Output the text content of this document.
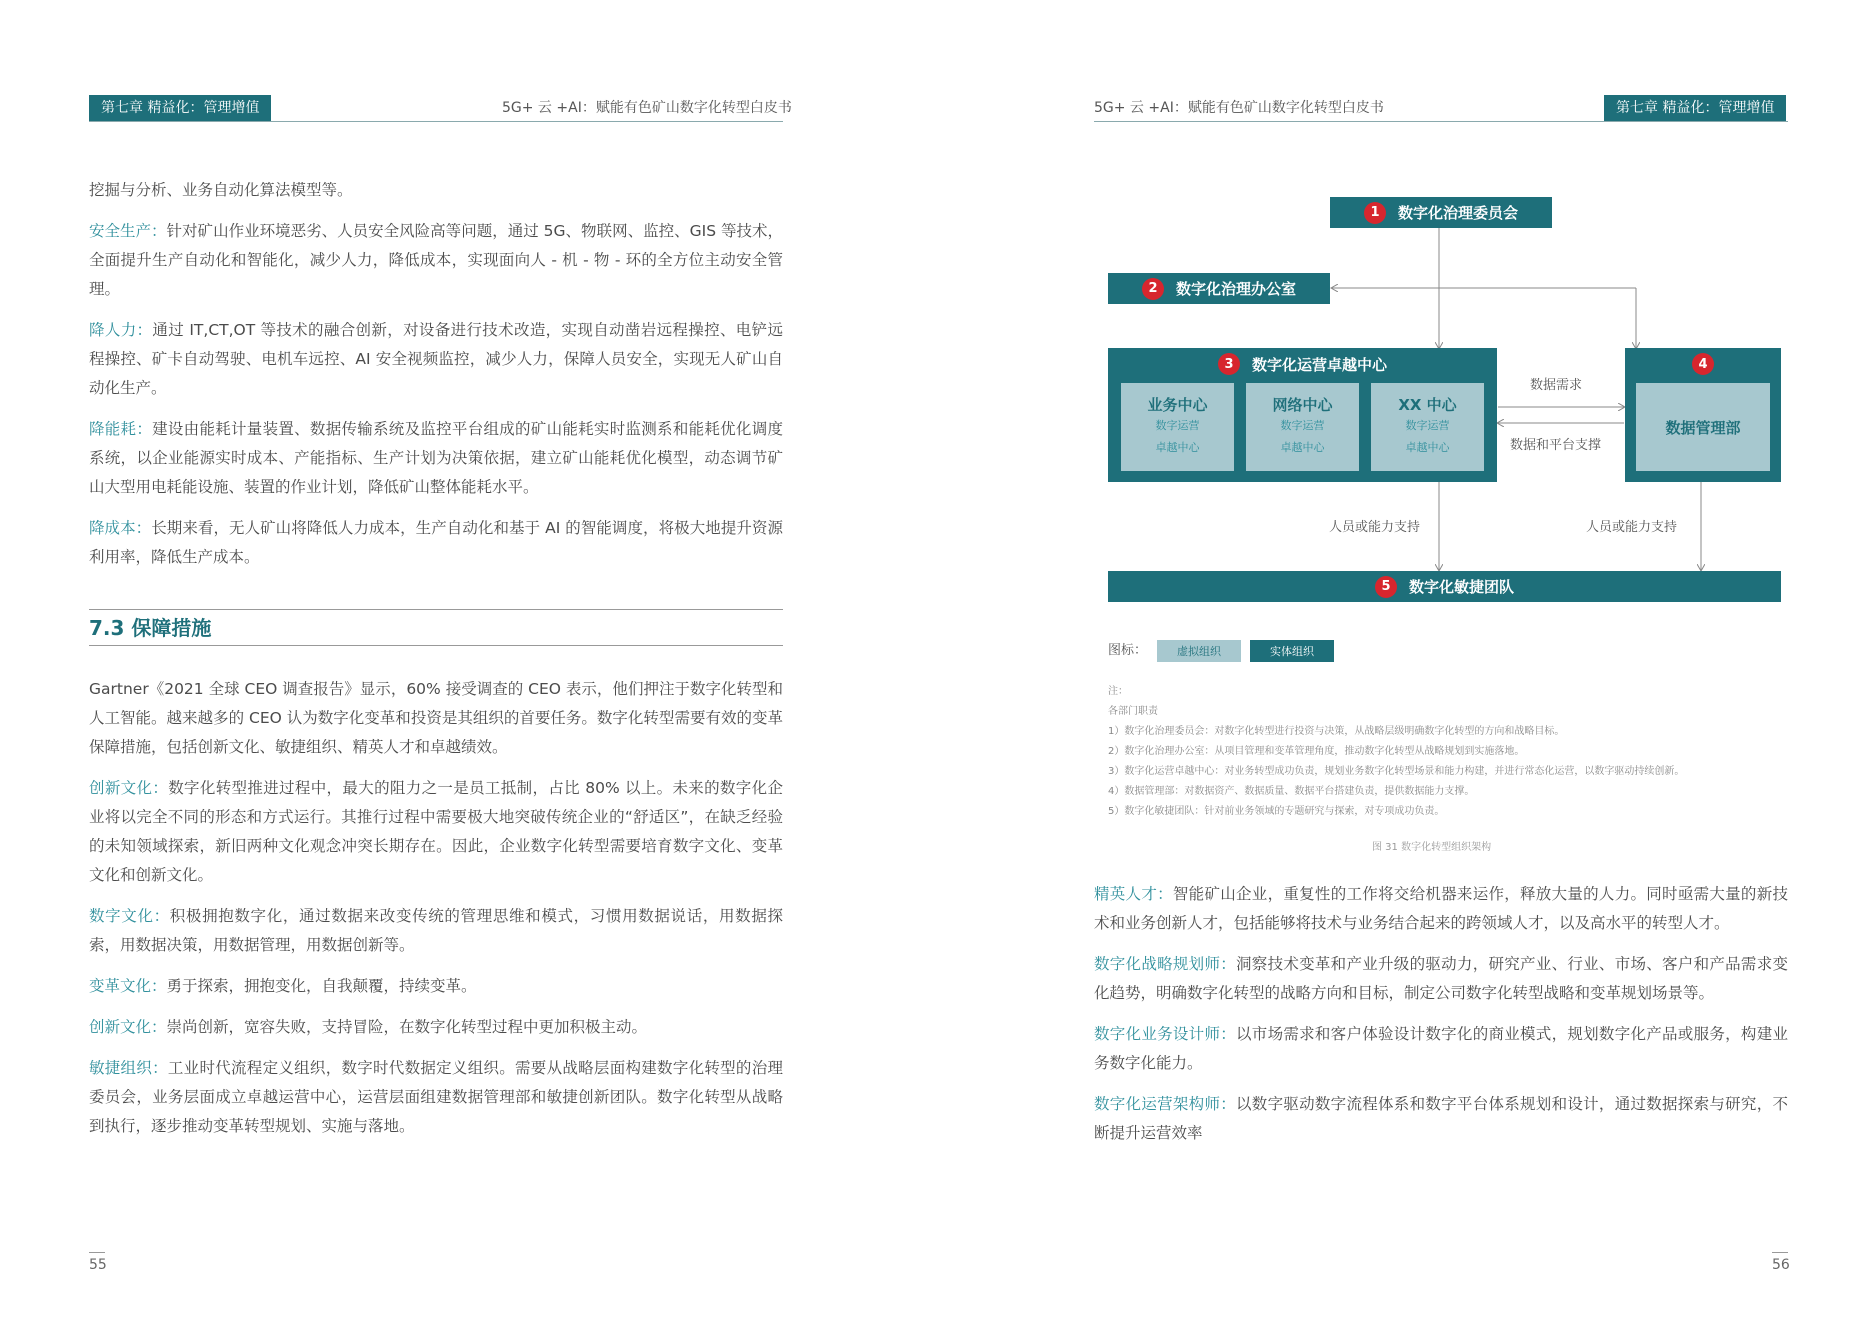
第七章 精益化：管理增值	5G+ 云 +AI：赋能有色矿山数字化转型白皮书

挖掘与分析、业务自动化算法模型等。

安全生产：针对矿山作业环境恶劣、人员安全风险高等问题，通过 5G、物联网、监控、GIS 等技术，全面提升生产自动化和智能化，减少人力，降低成本，实现面向人 - 机 - 物 - 环的全方位主动安全管理。

降人力：通过 IT,CT,OT 等技术的融合创新，对设备进行技术改造，实现自动凿岩远程操控、电铲远程操控、矿卡自动驾驶、电机车远控、AI 安全视频监控，减少人力，保障人员安全，实现无人矿山自动化生产。

降能耗：建设由能耗计量装置、数据传输系统及监控平台组成的矿山能耗实时监测系和能耗优化调度系统，以企业能源实时成本、产能指标、生产计划为决策依据，建立矿山能耗优化模型，动态调节矿山大型用电耗能设施、装置的作业计划，降低矿山整体能耗水平。

降成本：长期来看，无人矿山将降低人力成本，生产自动化和基于 AI 的智能调度，将极大地提升资源利用率，降低生产成本。

7.3 保障措施

Gartner《2021 全球 CEO 调查报告》显示，60% 接受调查的 CEO 表示，他们押注于数字化转型和人工智能。越来越多的 CEO 认为数字化变革和投资是其组织的首要任务。数字化转型需要有效的变革保障措施，包括创新文化、敏捷组织、精英人才和卓越绩效。

创新文化：数字化转型推进过程中，最大的阻力之一是员工抵制，占比 80% 以上。未来的数字化企业将以完全不同的形态和方式运行。其推行过程中需要极大地突破传统企业的“舒适区”，在缺乏经验的未知领域探索，新旧两种文化观念冲突长期存在。因此，企业数字化转型需要培育数字文化、变革文化和创新文化。

数字文化：积极拥抱数字化，通过数据来改变传统的管理思维和模式，习惯用数据说话，用数据探索，用数据决策，用数据管理，用数据创新等。

变革文化：勇于探索，拥抱变化，自我颠覆，持续变革。

创新文化：崇尚创新，宽容失败，支持冒险，在数字化转型过程中更加积极主动。

敏捷组织：工业时代流程定义组织，数字时代数据定义组织。需要从战略层面构建数字化转型的治理委员会，业务层面成立卓越运营中心，运营层面组建数据管理部和敏捷创新团队。数字化转型从战略到执行，逐步推动变革转型规划、实施与落地。

55
5G+ 云 +AI：赋能有色矿山数字化转型白皮书	第七章 精益化：管理增值
1	数字化治理委员会
2	数字化治理办公室
3	数字化运营卓越中心
业务中心
数字运营
卓越中心
网络中心
数字运营
卓越中心
XX 中心
数字运营
卓越中心
4
数据管理部
数据需求
数据和平台支撑
人员或能力支持	人员或能力支持
5	数字化敏捷团队
图标：	虚拟组织	实体组织
注：
各部门职责
1）数字化治理委员会：对数字化转型进行投资与决策，从战略层级明确数字化转型的方向和战略目标。
2）数字化治理办公室：从项目管理和变革管理角度，推动数字化转型从战略规划到实施落地。
3）数字化运营卓越中心：对业务转型成功负责，规划业务数字化转型场景和能力构建，并进行常态化运营，以数字驱动持续创新。
4）数据管理部：对数据资产、数据质量、数据平台搭建负责，提供数据能力支撑。
5）数字化敏捷团队：针对前业务领域的专题研究与探索，对专项成功负责。
图 31 数字化转型组织架构

精英人才：智能矿山企业，重复性的工作将交给机器来运作，释放大量的人力。同时亟需大量的新技术和业务创新人才，包括能够将技术与业务结合起来的跨领域人才，以及高水平的转型人才。

数字化战略规划师：洞察技术变革和产业升级的驱动力，研究产业、行业、市场、客户和产品需求变化趋势，明确数字化转型的战略方向和目标，制定公司数字化转型战略和变革规划场景等。

数字化业务设计师：以市场需求和客户体验设计数字化的商业模式，规划数字化产品或服务，构建业务数字化能力。

数字化运营架构师：以数字驱动数字流程体系和数字平台体系规划和设计，通过数据探索与研究，不断提升运营效率

56
